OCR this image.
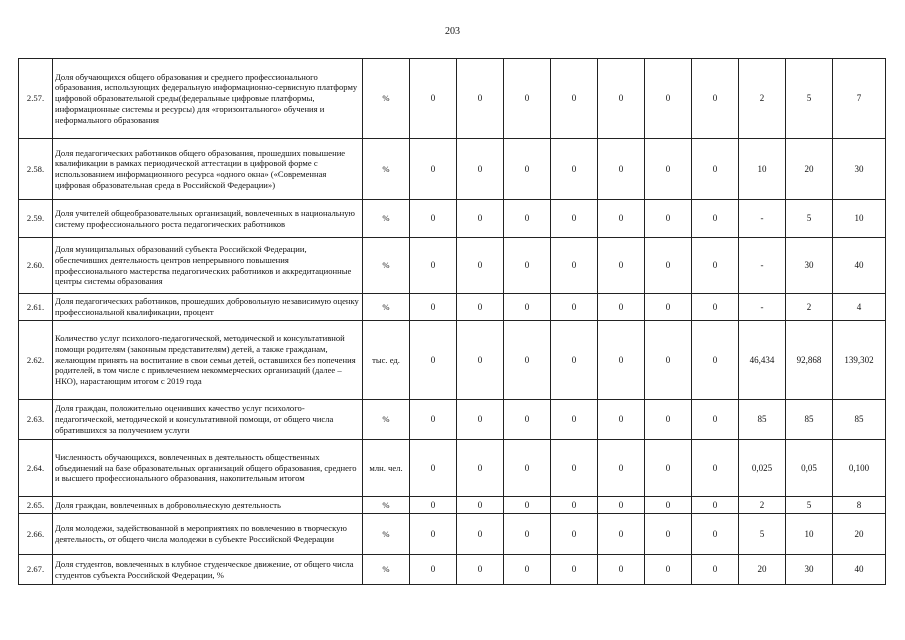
203
2.57.	Доля обучающихся общего образования и среднего профессионального образования, использующих федеральную информационно-сервисную платформу цифровой образовательной среды(федеральные цифровые платформы, информационные системы и ресурсы) для «горизонтального» обучения и неформального образования	%	0	0	0	0	0	0	0	2	5	7
2.58.	Доля педагогических работников общего образования, прошедших повышение квалификации в рамках периодической аттестации в цифровой форме с использованием информационного ресурса «одного окна» («Современная цифровая образовательная среда в Российской Федерации»)	%	0	0	0	0	0	0	0	10	20	30
2.59.	Доля учителей общеобразовательных организаций, вовлеченных в национальную систему профессионального роста педагогических работников	%	0	0	0	0	0	0	0	-	5	10
2.60.	Доля муниципальных образований субъекта Российской Федерации, обеспечивших деятельность центров непрерывного повышения профессионального мастерства педагогических работников и аккредитационные центры системы образования	%	0	0	0	0	0	0	0	-	30	40
2.61.	Доля педагогических работников, прошедших добровольную независимую оценку профессиональной квалификации, процент	%	0	0	0	0	0	0	0	-	2	4
2.62.	Количество услуг психолого-педагогической, методической и консультативной помощи родителям (законным представителям) детей, а также гражданам, желающим принять на воспитание в свои семьи детей, оставшихся без попечения родителей, в том числе с привлечением некоммерческих организаций (далее – НКО), нарастающим итогом с 2019 года	тыс. ед.	0	0	0	0	0	0	0	46,434	92,868	139,302
2.63.	Доля граждан, положительно оценивших качество услуг психолого-педагогической, методической и консультативной помощи, от общего числа обратившихся за получением услуги	%	0	0	0	0	0	0	0	85	85	85
2.64.	Численность обучающихся, вовлеченных в деятельность общественных объединений на базе образовательных организаций общего образования, среднего и высшего профессионального образования, накопительным итогом	млн. чел.	0	0	0	0	0	0	0	0,025	0,05	0,100
2.65.	Доля граждан, вовлеченных в добровольческую деятельность	%	0	0	0	0	0	0	0	2	5	8
2.66.	Доля молодежи, задействованной в мероприятиях по вовлечению в творческую деятельность, от общего числа молодежи в субъекте Российской Федерации	%	0	0	0	0	0	0	0	5	10	20
2.67.	Доля студентов, вовлеченных в клубное студенческое движение, от общего числа студентов субъекта Российской Федерации, %	%	0	0	0	0	0	0	0	20	30	40
